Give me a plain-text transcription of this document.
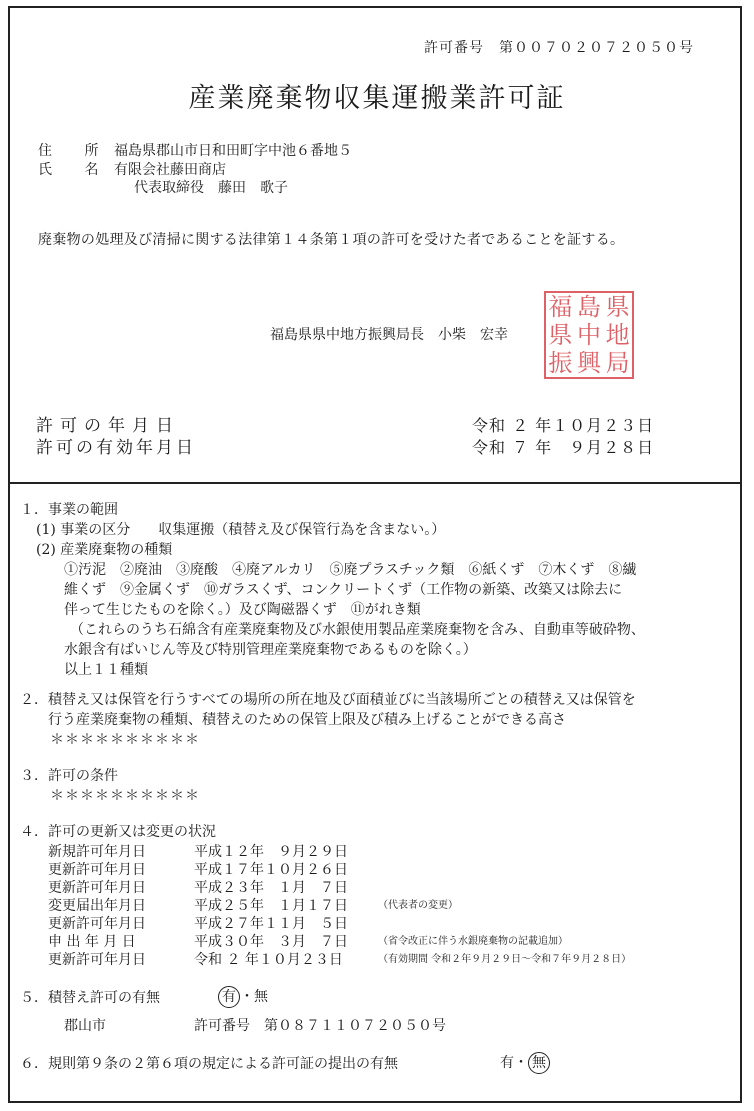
許可番号　第００７０２０７２０５０号
産業廃棄物収集運搬業許可証
住 所 福島県郡山市日和田町字中池６番地５
氏 名 有限会社藤田商店
代表取締役　藤田　歌子
廃棄物の処理及び清掃に関する法律第１４条第１項の許可を受けた者であることを証する。
福島県県中地方振興局長　小柴　宏幸
福 島 県
県 中 地
振 興 局
許可の年月日	令和 ２ 年１０月２３日
許可の有効年月日	令和 ７ 年　９月２８日
１．事業の範囲
(1) 事業の区分　　収集運搬（積替え及び保管行為を含まない。）
(2) 産業廃棄物の種類
①汚泥　②廃油　③廃酸　④廃アルカリ　⑤廃プラスチック類　⑥紙くず　⑦木くず　⑧繊
維くず　⑨金属くず　⑩ガラスくず、コンクリートくず（工作物の新築、改築又は除去に
伴って生じたものを除く。）及び陶磁器くず　⑪がれき類
（これらのうち石綿含有産業廃棄物及び水銀使用製品産業廃棄物を含み、自動車等破砕物、
水銀含有ばいじん等及び特別管理産業廃棄物であるものを除く。）
以上１１種類
２．積替え又は保管を行うすべての場所の所在地及び面積並びに当該場所ごとの積替え又は保管を
行う産業廃棄物の種類、積替えのための保管上限及び積み上げることができる高さ
＊＊＊＊＊＊＊＊＊＊
３．許可の条件
＊＊＊＊＊＊＊＊＊＊
４．許可の更新又は変更の状況
新規許可年月日	平成１２年　９月２９日
更新許可年月日	平成１７年１０月２６日
更新許可年月日	平成２３年　１月　７日
変更届出年月日	平成２５年　１月１７日	（代表者の変更）
更新許可年月日	平成２７年１１月　５日
申 出 年 月 日	平成３０年　３月　７日	（省令改正に伴う水銀廃棄物の記載追加）
更新許可年月日	令和 ２ 年１０月２３日	（有効期間 令和２年９月２９日～令和７年９月２８日）
５．積替え許可の有無	有 ・無
郡山市	許可番号　第０８７１１０７２０５０号
６．規則第９条の２第６項の規定による許可証の提出の有無	有・ 無
